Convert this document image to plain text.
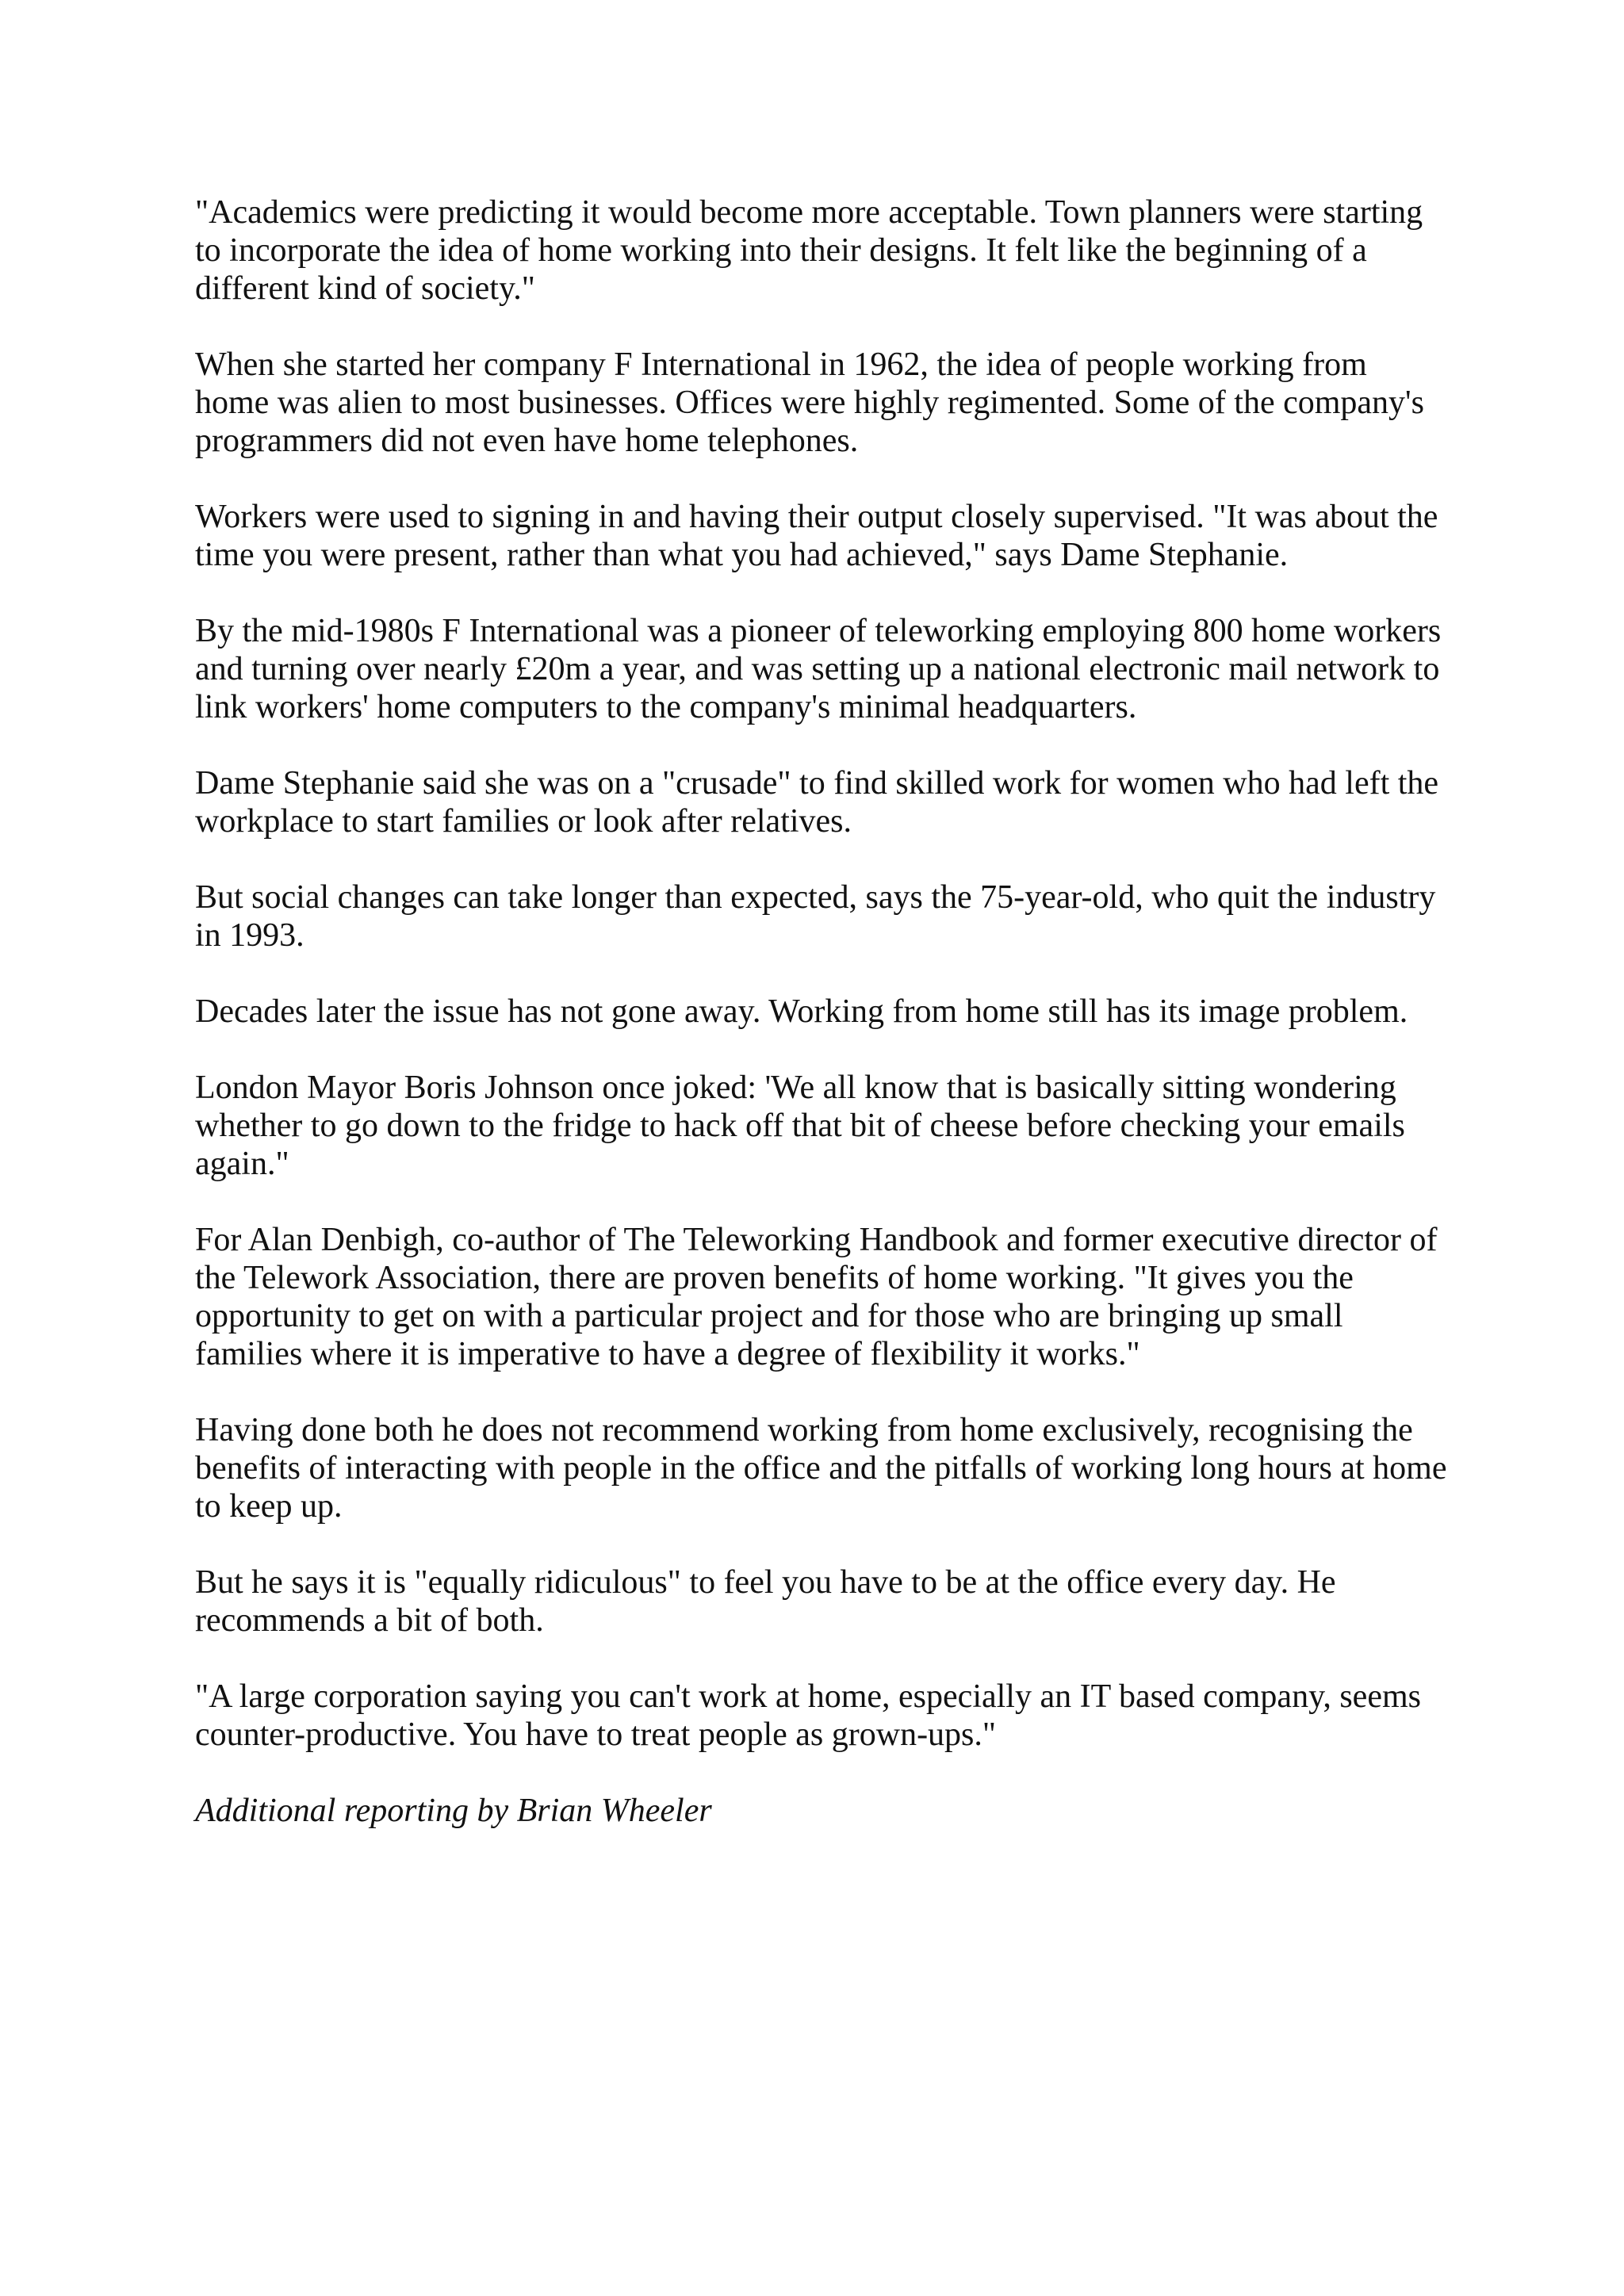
"Academics were predicting it would become more acceptable. Town planners were starting to incorporate the idea of home working into their designs. It felt like the beginning of a different kind of society."

When she started her company F International in 1962, the idea of people working from home was alien to most businesses. Offices were highly regimented. Some of the company's programmers did not even have home telephones.

Workers were used to signing in and having their output closely supervised. "It was about the time you were present, rather than what you had achieved," says Dame Stephanie.

By the mid-1980s F International was a pioneer of teleworking employing 800 home workers and turning over nearly £20m a year, and was setting up a national electronic mail network to link workers' home computers to the company's minimal headquarters.

Dame Stephanie said she was on a "crusade" to find skilled work for women who had left the workplace to start families or look after relatives.

But social changes can take longer than expected, says the 75-year-old, who quit the industry in 1993.

Decades later the issue has not gone away. Working from home still has its image problem.

London Mayor Boris Johnson once joked: 'We all know that is basically sitting wondering whether to go down to the fridge to hack off that bit of cheese before checking your emails again."

For Alan Denbigh, co-author of The Teleworking Handbook and former executive director of the Telework Association, there are proven benefits of home working. "It gives you the opportunity to get on with a particular project and for those who are bringing up small families where it is imperative to have a degree of flexibility it works."

Having done both he does not recommend working from home exclusively, recognising the benefits of interacting with people in the office and the pitfalls of working long hours at home to keep up.

But he says it is "equally ridiculous" to feel you have to be at the office every day. He recommends a bit of both.

"A large corporation saying you can't work at home, especially an IT based company, seems counter-productive. You have to treat people as grown-ups."

Additional reporting by Brian Wheeler
